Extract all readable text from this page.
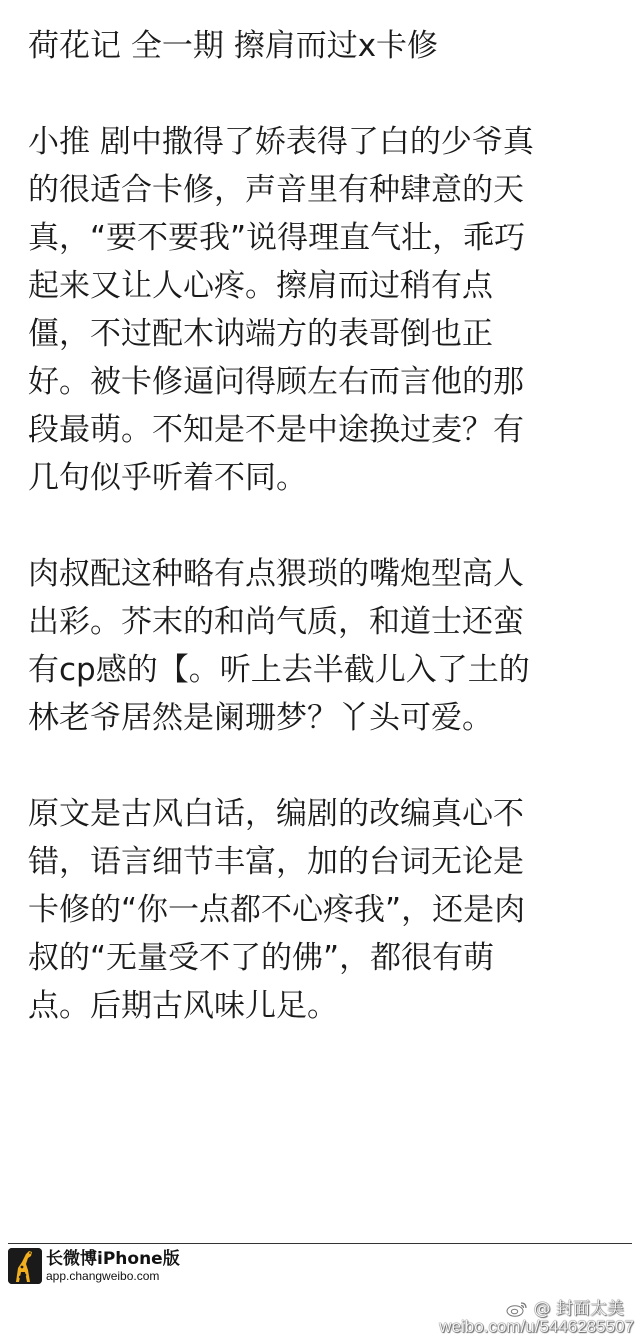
荷花记 全一期 擦肩而过x卡修

小推 剧中撒得了娇表得了白的少爷真
的很适合卡修，声音里有种肆意的天
真，“要不要我”说得理直气壮，乖巧
起来又让人心疼。擦肩而过稍有点
僵，不过配木讷端方的表哥倒也正
好。被卡修逼问得顾左右而言他的那
段最萌。不知是不是中途换过麦？有
几句似乎听着不同。

肉叔配这种略有点猥琐的嘴炮型高人
出彩。芥末的和尚气质，和道士还蛮
有cp感的【。听上去半截儿入了土的
林老爷居然是阑珊梦？丫头可爱。

原文是古风白话，编剧的改编真心不
错，语言细节丰富，加的台词无论是
卡修的“你一点都不心疼我”，还是肉
叔的“无量受不了的佛”，都很有萌
点。后期古风味儿足。

长微博iPhone版
app.changweibo.com
@ 封面太美
weibo.com/u/5446285507
